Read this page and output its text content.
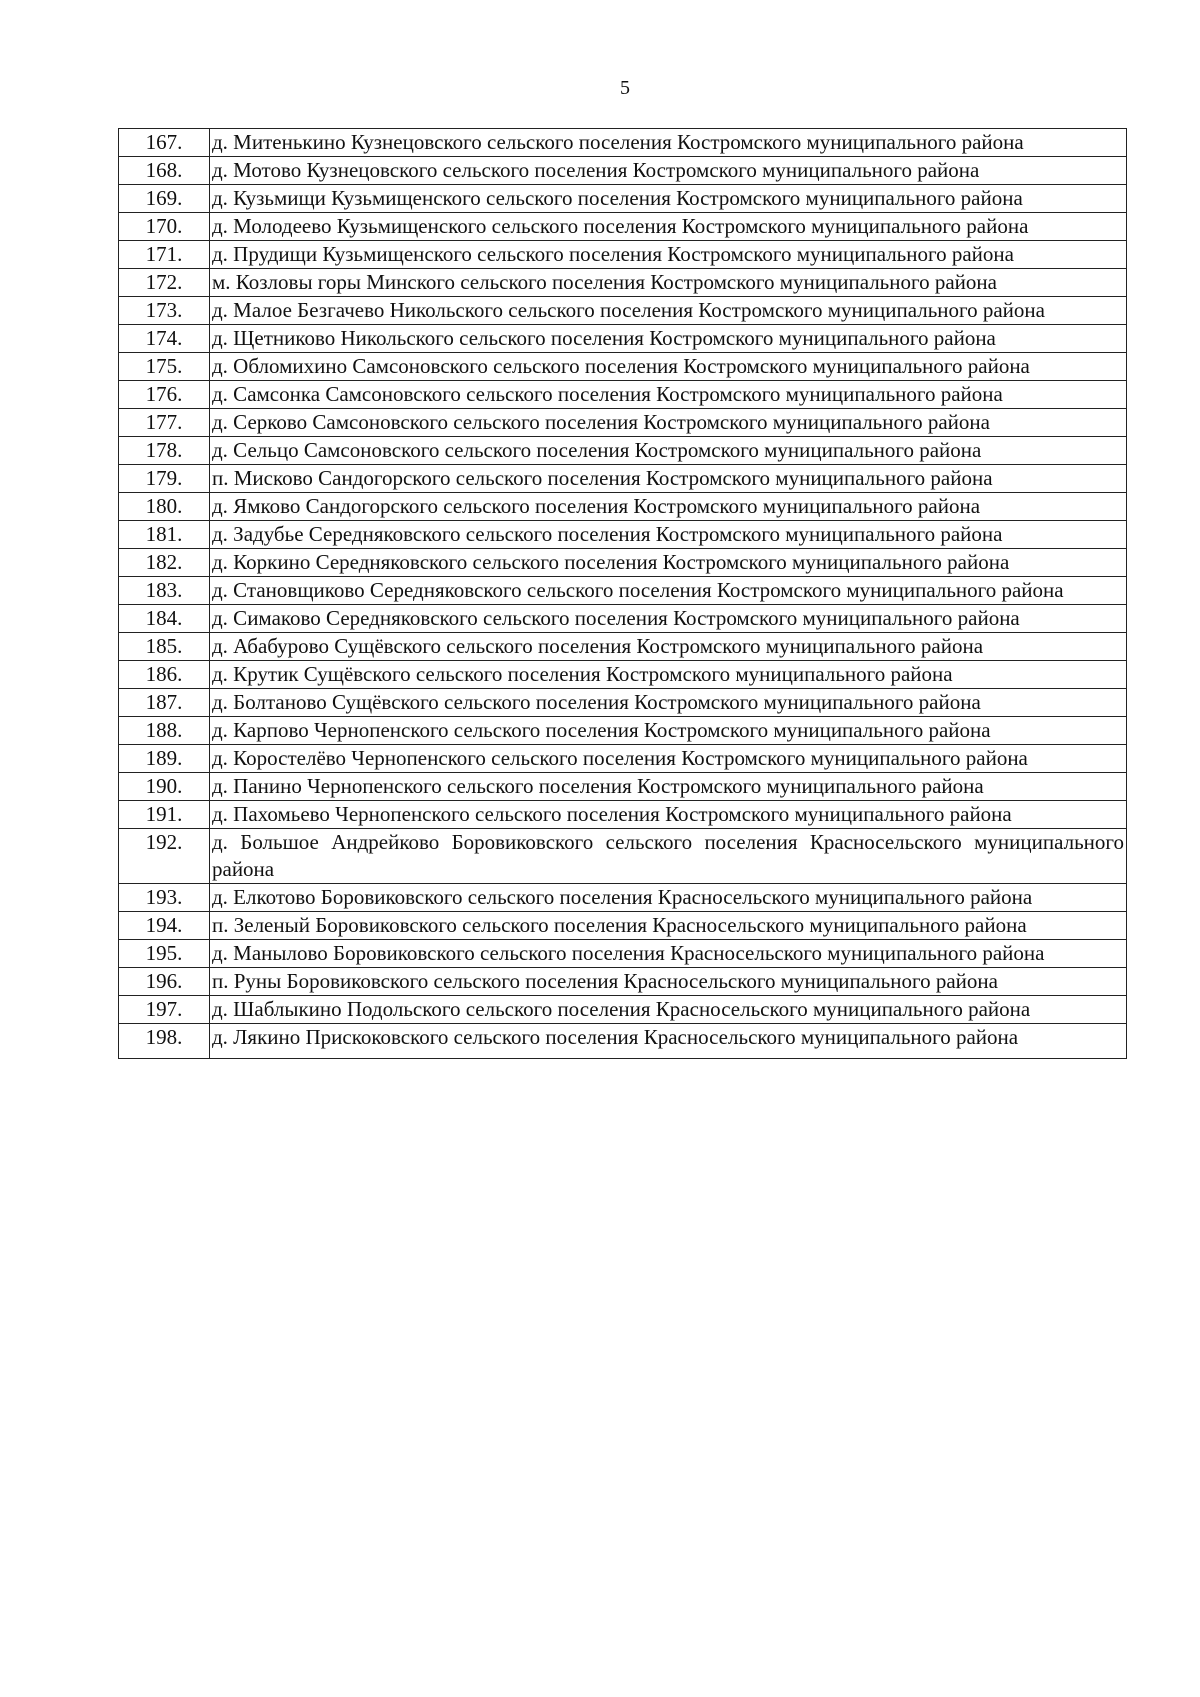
5
167.	д. Митенькино Кузнецовского сельского поселения Костромского муниципального района
168.	д. Мотово Кузнецовского сельского поселения Костромского муниципального района
169.	д. Кузьмищи Кузьмищенского сельского поселения Костромского муниципального района
170.	д. Молодеево Кузьмищенского сельского поселения Костромского муниципального района
171.	д. Прудищи Кузьмищенского сельского поселения Костромского муниципального района
172.	м. Козловы горы Минского сельского поселения Костромского муниципального района
173.	д. Малое Безгачево Никольского сельского поселения Костромского муниципального района
174.	д. Щетниково Никольского сельского поселения Костромского муниципального района
175.	д. Обломихино Самсоновского сельского поселения Костромского муниципального района
176.	д. Самсонка Самсоновского сельского поселения Костромского муниципального района
177.	д. Серково Самсоновского сельского поселения Костромского муниципального района
178.	д. Сельцо Самсоновского сельского поселения Костромского муниципального района
179.	п. Мисково Сандогорского сельского поселения Костромского муниципального района
180.	д. Ямково Сандогорского сельского поселения Костромского муниципального района
181.	д. Задубье Середняковского сельского поселения Костромского муниципального района
182.	д. Коркино Середняковского сельского поселения Костромского муниципального района
183.	д. Становщиково Середняковского сельского поселения Костромского муниципального района
184.	д. Симаково Середняковского сельского поселения Костромского муниципального района
185.	д. Абабурово Сущёвского сельского поселения Костромского муниципального района
186.	д. Крутик Сущёвского сельского поселения Костромского муниципального района
187.	д. Болтаново Сущёвского сельского поселения Костромского муниципального района
188.	д. Карпово Чернопенского сельского поселения Костромского муниципального района
189.	д. Коростелёво Чернопенского сельского поселения Костромского муниципального района
190.	д. Панино Чернопенского сельского поселения Костромского муниципального района
191.	д. Пахомьево Чернопенского сельского поселения Костромского муниципального района
192.	д. Большое Андрейково Боровиковского сельского поселения Красносельского муниципального района
193.	д. Елкотово Боровиковского сельского поселения Красносельского муниципального района
194.	п. Зеленый Боровиковского сельского поселения Красносельского муниципального района
195.	д. Манылово Боровиковского сельского поселения Красносельского муниципального района
196.	п. Руны Боровиковского сельского поселения Красносельского муниципального района
197.	д. Шаблыкино Подольского сельского поселения Красносельского муниципального района
198.	д. Лякино Прискоковского сельского поселения Красносельского муниципального района
